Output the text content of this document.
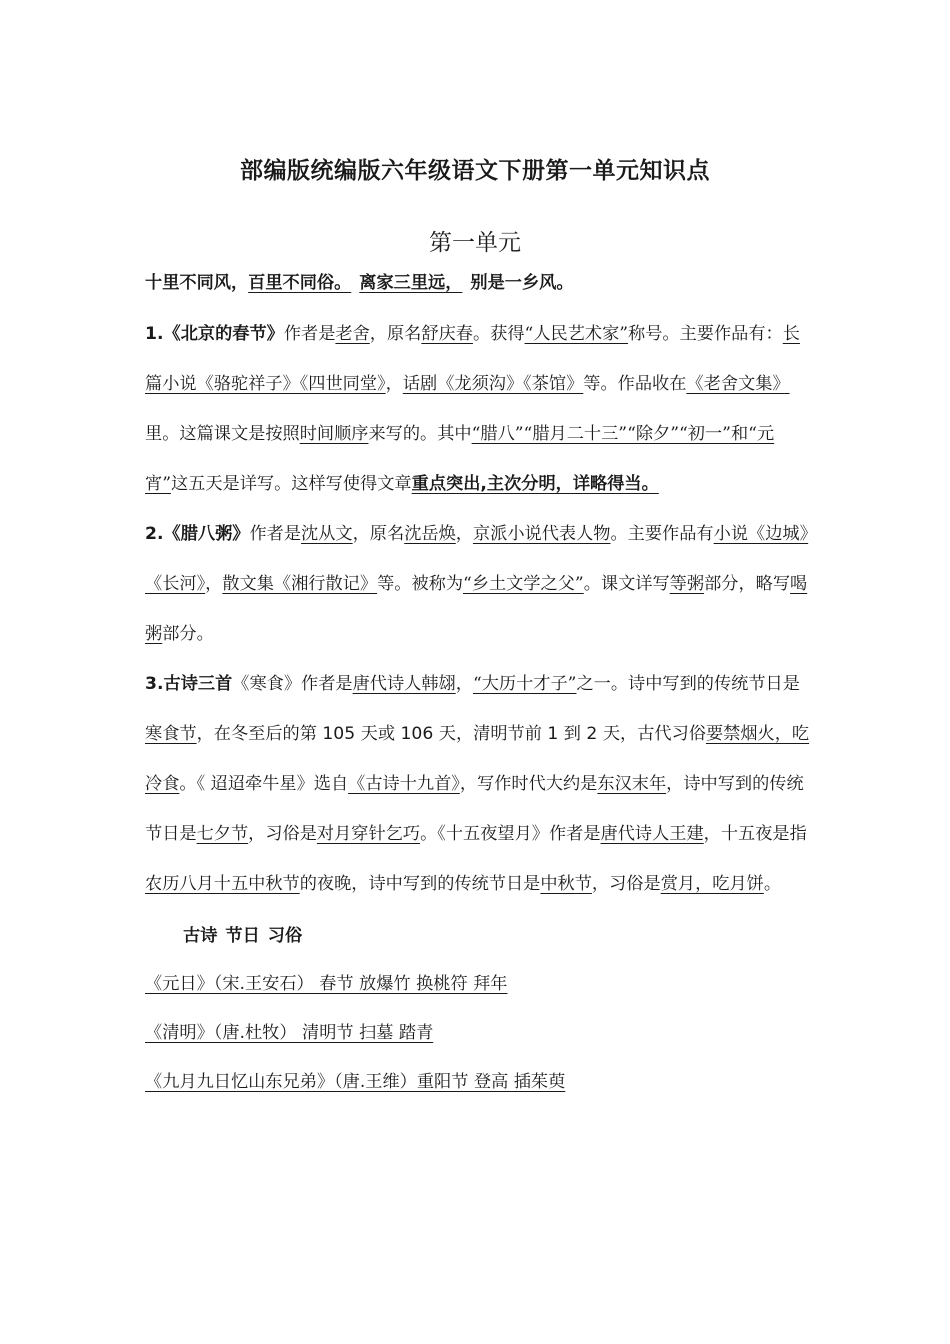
部编版统编版六年级语文下册第一单元知识点
第一单元

十里不同风，百里不同俗。 离家三里远， 别是一乡风。

1.《北京的春节》作者是老舍，原名舒庆春。获得“人民艺术家”称号。主要作品有：长篇小说《骆驼祥子》《四世同堂》，话剧《龙须沟》《茶馆》等。作品收在《老舍文集》里。这篇课文是按照时间顺序来写的。其中“腊八”“腊月二十三”“除夕”“初一”和“元宵”这五天是详写。这样写使得文章重点突出,主次分明，详略得当。

2.《腊八粥》作者是沈从文，原名沈岳焕，京派小说代表人物。主要作品有小说《边城》《长河》，散文集《湘行散记》等。被称为“乡土文学之父”。课文详写等粥部分，略写喝粥部分。

3.古诗三首《寒食》作者是唐代诗人韩翃，“大历十才子”之一。诗中写到的传统节日是寒食节，在冬至后的第 105 天或 106 天，清明节前 1 到 2 天，古代习俗要禁烟火，吃冷食。《 迢迢牵牛星》选自《古诗十九首》，写作时代大约是东汉末年，诗中写到的传统节日是七夕节，习俗是对月穿针乞巧。《十五夜望月》作者是唐代诗人王建，十五夜是指农历八月十五中秋节的夜晚，诗中写到的传统节日是中秋节，习俗是赏月，吃月饼。

古诗 节日 习俗

《元日》（宋.王安石） 春节 放爆竹 换桃符 拜年

《清明》（唐.杜牧） 清明节 扫墓 踏青

《九月九日忆山东兄弟》（唐.王维）重阳节 登高 插茱萸
